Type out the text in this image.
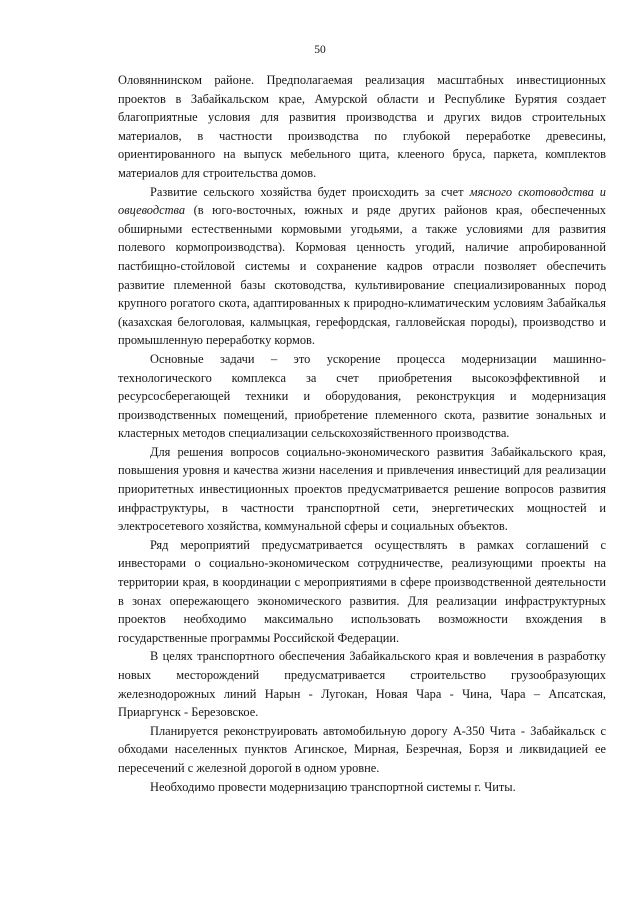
50

Оловяннинском районе. Предполагаемая реализация масштабных инвестиционных проектов в Забайкальском крае, Амурской области и Республике Бурятия создает благоприятные условия для развития производства и других видов строительных материалов, в частности производства по глубокой переработке древесины, ориентированного на выпуск мебельного щита, клееного бруса, паркета, комплектов материалов для строительства домов.

Развитие сельского хозяйства будет происходить за счет мясного скотоводства и овцеводства (в юго-восточных, южных и ряде других районов края, обеспеченных обширными естественными кормовыми угодьями, а также условиями для развития полевого кормопроизводства). Кормовая ценность угодий, наличие апробированной пастбищно-стойловой системы и сохранение кадров отрасли позволяет обеспечить развитие племенной базы скотоводства, культивирование специализированных пород крупного рогатого скота, адаптированных к природно-климатическим условиям Забайкалья (казахская белоголовая, калмыцкая, герефордская, галловейская породы), производство и промышленную переработку кормов.

Основные задачи – это ускорение процесса модернизации машинно-технологического комплекса за счет приобретения высокоэффективной и ресурсосберегающей техники и оборудования, реконструкция и модернизация производственных помещений, приобретение племенного скота, развитие зональных и кластерных методов специализации сельскохозяйственного производства.

Для решения вопросов социально-экономического развития Забайкальского края, повышения уровня и качества жизни населения и привлечения инвестиций для реализации приоритетных инвестиционных проектов предусматривается решение вопросов развития инфраструктуры, в частности транспортной сети, энергетических мощностей и электросетевого хозяйства, коммунальной сферы и социальных объектов.

Ряд мероприятий предусматривается осуществлять в рамках соглашений с инвесторами о социально-экономическом сотрудничестве, реализующими проекты на территории края, в координации с мероприятиями в сфере производственной деятельности в зонах опережающего экономического развития. Для реализации инфраструктурных проектов необходимо максимально использовать возможности вхождения в государственные программы Российской Федерации.

В целях транспортного обеспечения Забайкальского края и вовлечения в разработку новых месторождений предусматривается строительство грузообразующих железнодорожных линий Нарын - Лугокан, Новая Чара - Чина, Чара – Апсатская, Приаргунск - Березовское.

Планируется реконструировать автомобильную дорогу А-350 Чита - Забайкальск с обходами населенных пунктов Агинское, Мирная, Безречная, Борзя и ликвидацией ее пересечений с железной дорогой в одном уровне.

Необходимо провести модернизацию транспортной системы г. Читы.
